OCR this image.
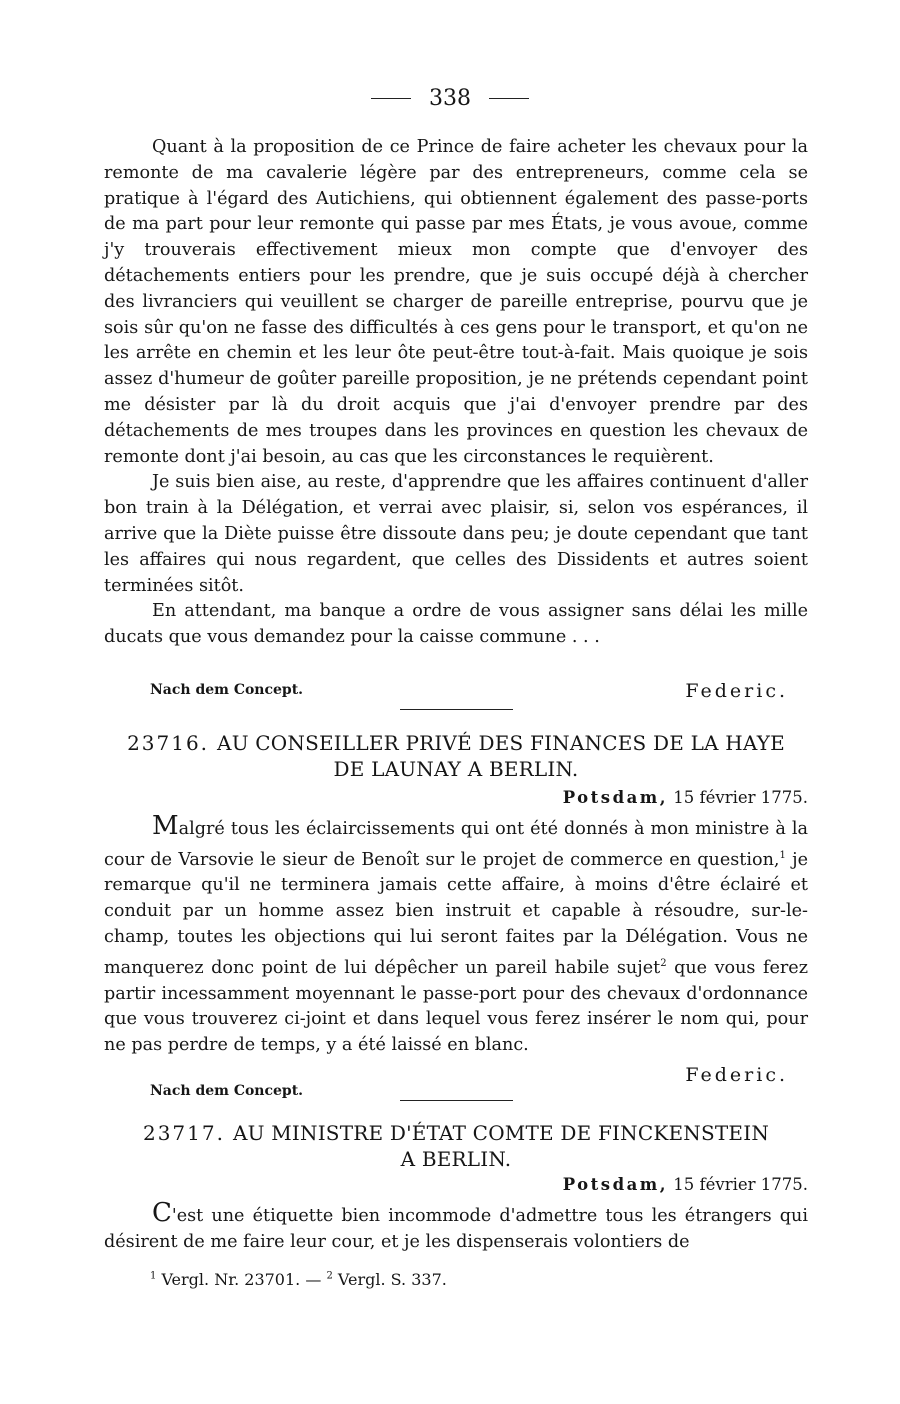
338

Quant à la proposition de ce Prince de faire acheter les chevaux pour la remonte de ma cavalerie légère par des entrepreneurs, comme cela se pratique à l'égard des Autichiens, qui obtiennent également des passe-ports de ma part pour leur remonte qui passe par mes États, je vous avoue, comme j'y trouverais effectivement mieux mon compte que d'envoyer des détachements entiers pour les prendre, que je suis occupé déjà à chercher des livranciers qui veuillent se charger de pareille entreprise, pourvu que je sois sûr qu'on ne fasse des difficultés à ces gens pour le transport, et qu'on ne les arrête en chemin et les leur ôte peut-être tout-à-fait. Mais quoique je sois assez d'humeur de goûter pareille proposition, je ne prétends cependant point me désister par là du droit acquis que j'ai d'envoyer prendre par des détachements de mes troupes dans les provinces en question les chevaux de remonte dont j'ai besoin, au cas que les circonstances le requièrent.

Je suis bien aise, au reste, d'apprendre que les affaires continuent d'aller bon train à la Délégation, et verrai avec plaisir, si, selon vos espérances, il arrive que la Diète puisse être dissoute dans peu; je doute cependant que tant les affaires qui nous regardent, que celles des Dissidents et autres soient terminées sitôt.

En attendant, ma banque a ordre de vous assigner sans délai les mille ducats que vous demandez pour la caisse commune . . .

Nach dem Concept.	Federic.
23716. AU CONSEILLER PRIVÉ DES FINANCES DE LA HAYE
DE LAUNAY A BERLIN.
Potsdam, 15 février 1775.

Malgré tous les éclaircissements qui ont été donnés à mon ministre à la cour de Varsovie le sieur de Benoît sur le projet de commerce en question,$^1$ je remarque qu'il ne terminera jamais cette affaire, à moins d'être éclairé et conduit par un homme assez bien instruit et capable à résoudre, sur-le-champ, toutes les objections qui lui seront faites par la Délégation. Vous ne manquerez donc point de lui dépêcher un pareil habile sujet$^2$ que vous ferez partir incessamment moyennant le passe-port pour des chevaux d'ordonnance que vous trouverez ci-joint et dans lequel vous ferez insérer le nom qui, pour ne pas perdre de temps, y a été laissé en blanc.

Federic.
Nach dem Concept.
23717. AU MINISTRE D'ÉTAT COMTE DE FINCKENSTEIN
A BERLIN.
Potsdam, 15 février 1775.

C'est une étiquette bien incommode d'admettre tous les étrangers qui désirent de me faire leur cour, et je les dispenserais volontiers de

$^1$ Vergl. Nr. 23701. — $^2$ Vergl. S. 337.
